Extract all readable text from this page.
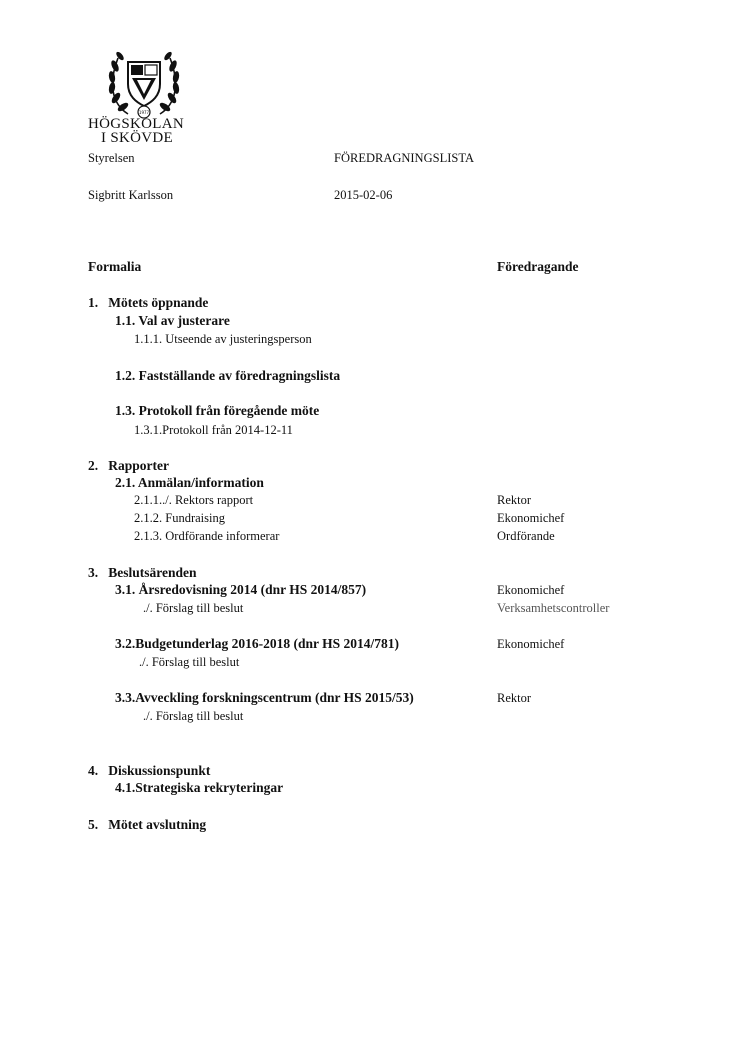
1977
HÖGSKOLAN
I SKÖVDE
Styrelsen	FÖREDRAGNINGSLISTA
Sigbritt Karlsson	2015-02-06
Formalia	Föredragande
1. Mötets öppnande
1.1. Val av justerare
1.1.1. Utseende av justeringsperson
1.2. Fastställande av föredragningslista
1.3. Protokoll från föregående möte
1.3.1.Protokoll från 2014-12-11
2. Rapporter
2.1. Anmälan/information
2.1.1../. Rektors rapport	Rektor
2.1.2. Fundraising	Ekonomichef
2.1.3. Ordförande informerar	Ordförande
3. Beslutsärenden
3.1. Årsredovisning 2014 (dnr HS 2014/857)	Ekonomichef
./. Förslag till beslut	Verksamhetscontroller
3.2.Budgetunderlag 2016-2018 (dnr HS 2014/781)	Ekonomichef
./. Förslag till beslut
3.3.Avveckling forskningscentrum (dnr HS 2015/53)	Rektor
./. Förslag till beslut
4. Diskussionspunkt
4.1.Strategiska rekryteringar
5. Mötet avslutning
